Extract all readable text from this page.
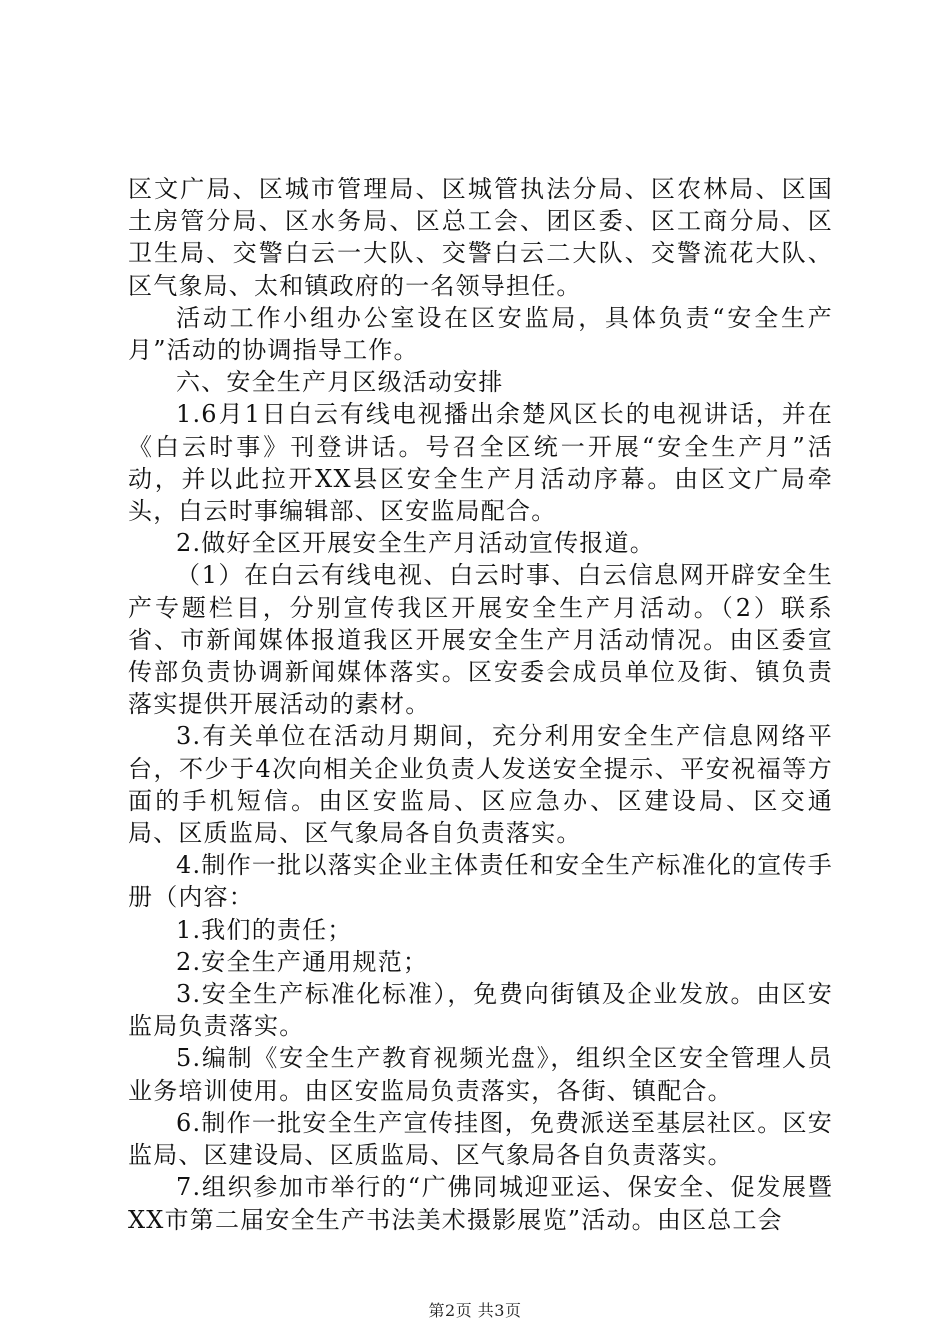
区文广局、区城市管理局、区城管执法分局、区农林局、区国土房管分局、区水务局、区总工会、团区委、区工商分局、区卫生局、交警白云一大队、交警白云二大队、交警流花大队、区气象局、太和镇政府的一名领导担任。

活动工作小组办公室设在区安监局，具体负责“安全生产月”活动的协调指导工作。

六、安全生产月区级活动安排

1.6月1日白云有线电视播出余楚风区长的电视讲话，并在《白云时事》刊登讲话。号召全区统一开展“安全生产月”活动，并以此拉开XX县区安全生产月活动序幕。由区文广局牵头，白云时事编辑部、区安监局配合。

2.做好全区开展安全生产月活动宣传报道。

（1）在白云有线电视、白云时事、白云信息网开辟安全生产专题栏目，分别宣传我区开展安全生产月活动。（2）联系省、市新闻媒体报道我区开展安全生产月活动情况。由区委宣传部负责协调新闻媒体落实。区安委会成员单位及街、镇负责落实提供开展活动的素材。

3.有关单位在活动月期间，充分利用安全生产信息网络平台，不少于4次向相关企业负责人发送安全提示、平安祝福等方面的手机短信。由区安监局、区应急办、区建设局、区交通局、区质监局、区气象局各自负责落实。

4.制作一批以落实企业主体责任和安全生产标准化的宣传手册（内容：

1.我们的责任；

2.安全生产通用规范；

3.安全生产标准化标准），免费向街镇及企业发放。由区安监局负责落实。

5.编制《安全生产教育视频光盘》，组织全区安全管理人员业务培训使用。由区安监局负责落实，各街、镇配合。

6.制作一批安全生产宣传挂图，免费派送至基层社区。区安监局、区建设局、区质监局、区气象局各自负责落实。

7.组织参加市举行的“广佛同城迎亚运、保安全、促发展暨XX市第二届安全生产书法美术摄影展览”活动。由区总工会

第2页 共3页
